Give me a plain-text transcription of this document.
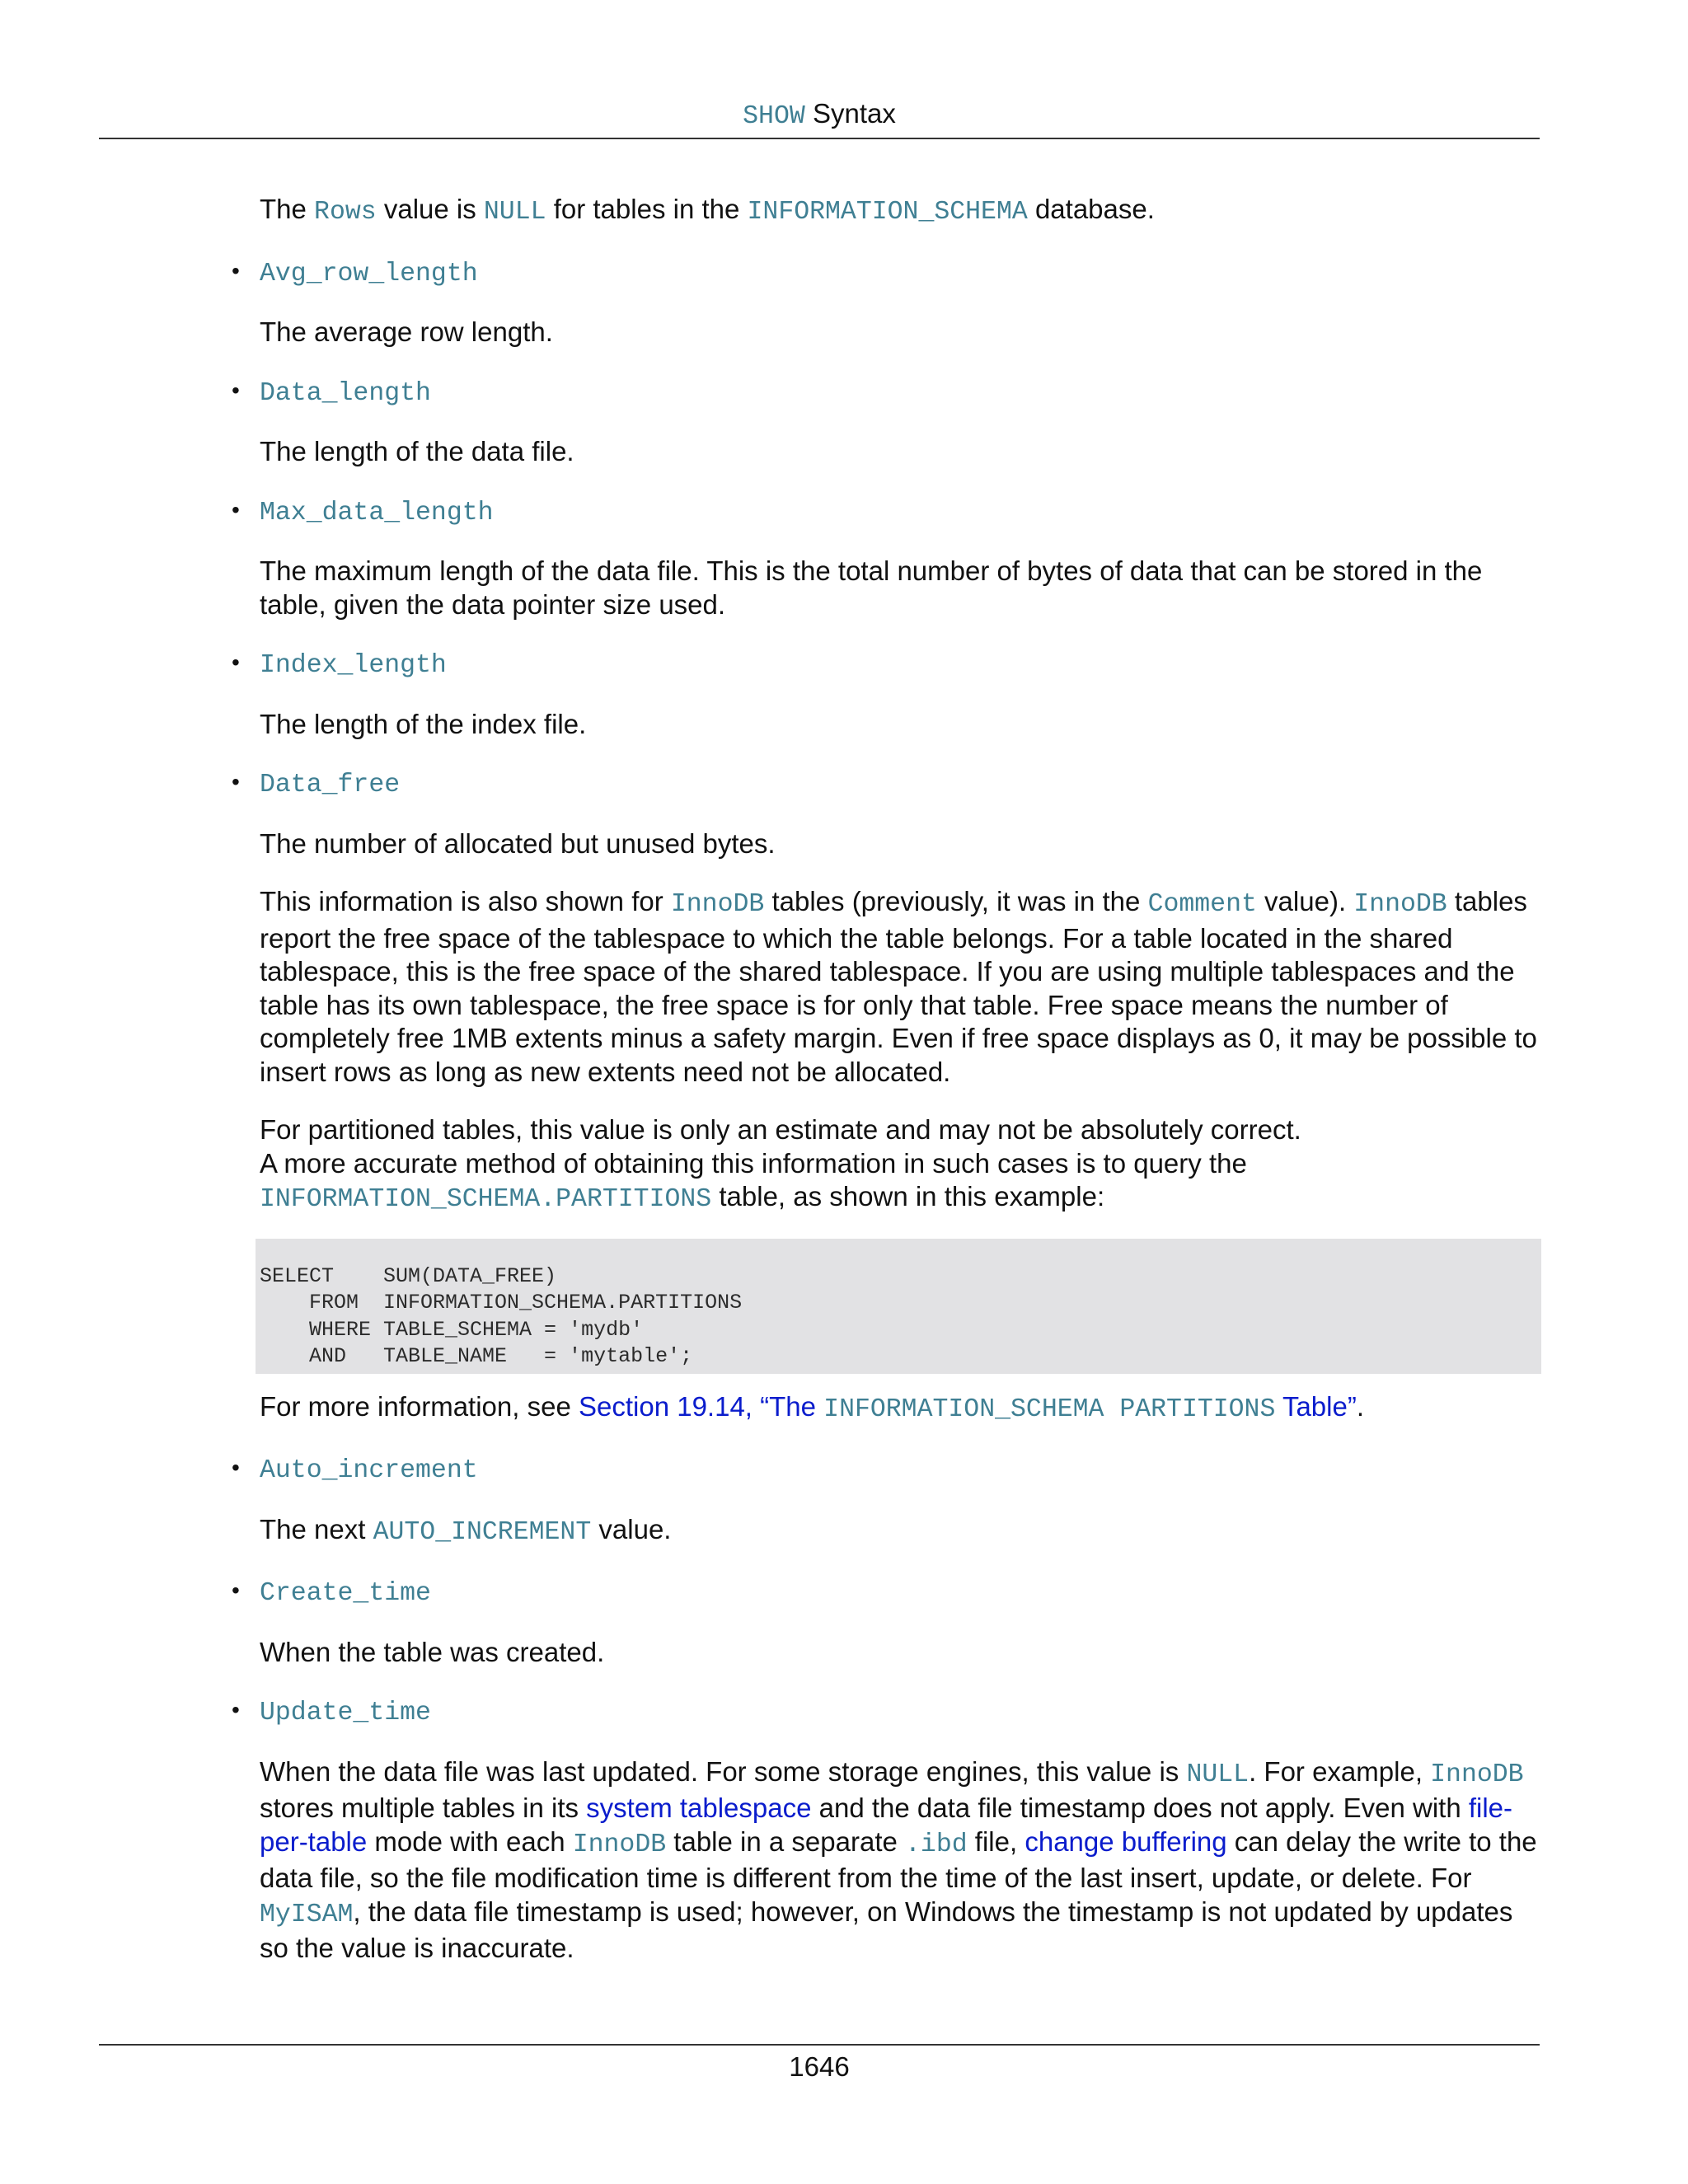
SHOW Syntax

The Rows value is NULL for tables in the INFORMATION_SCHEMA database.

• Avg_row_length

The average row length.

• Data_length

The length of the data file.

• Max_data_length

The maximum length of the data file. This is the total number of bytes of data that can be stored in the table, given the data pointer size used.

• Index_length

The length of the index file.

• Data_free

The number of allocated but unused bytes.

This information is also shown for InnoDB tables (previously, it was in the Comment value). InnoDB tables report the free space of the tablespace to which the table belongs. For a table located in the shared tablespace, this is the free space of the shared tablespace. If you are using multiple tablespaces and the table has its own tablespace, the free space is for only that table. Free space means the number of completely free 1MB extents minus a safety margin. Even if free space displays as 0, it may be possible to insert rows as long as new extents need not be allocated.

For partitioned tables, this value is only an estimate and may not be absolutely correct.
A more accurate method of obtaining this information in such cases is to query the
INFORMATION_SCHEMA.PARTITIONS table, as shown in this example:

SELECT    SUM(DATA_FREE)
FROM  INFORMATION_SCHEMA.PARTITIONS
WHERE TABLE_SCHEMA = 'mydb'
AND   TABLE_NAME   = 'mytable';

For more information, see Section 19.14, “The INFORMATION_SCHEMA PARTITIONS Table”.

• Auto_increment

The next AUTO_INCREMENT value.

• Create_time

When the table was created.

• Update_time

When the data file was last updated. For some storage engines, this value is NULL. For example, InnoDB stores multiple tables in its system tablespace and the data file timestamp does not apply. Even with file-per-table mode with each InnoDB table in a separate .ibd file, change buffering can delay the write to the data file, so the file modification time is different from the time of the last insert, update, or delete. For MyISAM, the data file timestamp is used; however, on Windows the timestamp is not updated by updates so the value is inaccurate.

1646
